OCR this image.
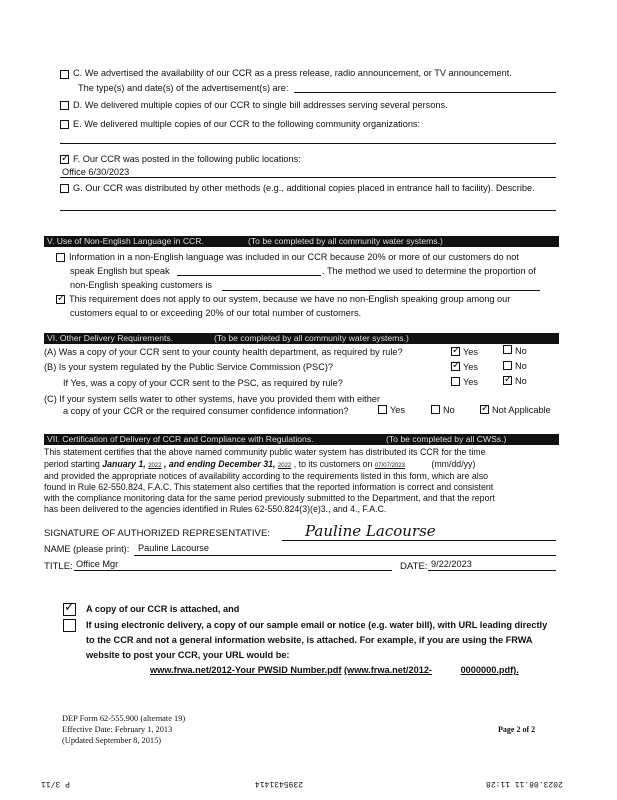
C. We advertised the availability of our CCR as a press release, radio announcement, or TV announcement.
The type(s) and date(s) of the advertisement(s) are:
D. We delivered multiple copies of our CCR to single bill addresses serving several persons.
E. We delivered multiple copies of our CCR to the following community organizations:
✓
F. Our CCR was posted in the following public locations:
Office 6/30/2023
G. Our CCR was distributed by other methods (e.g., additional copies placed in entrance hall to facility). Describe.
V. Use of Non-English Language in CCR.	(To be completed by all community water systems.)
Information in a non-English language was included in our CCR because 20% or more of our customers do not
speak English but speak	. The method we used to determine the proportion of
non-English speaking customers is
✓
This requirement does not apply to our system, because we have no non-English speaking group among our
customers equal to or exceeding 20% of our total number of customers.
VI. Other Delivery Requirements.	(To be completed by all community water systems.)
(A) Was a copy of your CCR sent to your county health department, as required by rule? ✓	Yes	No
(B) Is your system regulated by the Public Service Commission (PSC)? ✓	Yes	No
If Yes, was a copy of your CCR sent to the PSC, as required by rule?	Yes ✓	No
(C) If your system sells water to other systems, have you provided them with either
a copy of your CCR or the required consumer confidence information?	Yes	No ✓	Not Applicable
VII. Certification of Delivery of CCR and Compliance with Regulations.	(To be completed by all CWSs.)
This statement certifies that the above named community public water system has distributed its CCR for the time
period starting January 1, 2022 , and ending December 31, 2022 , to its customers on 07/07/2023	(mm/dd/yy)
and provided the appropriate notices of availability according to the requirements listed in this form, which are also
found in Rule 62-550.824, F.A.C. This statement also certifies that the reported information is correct and consistent
with the compliance monitoring data for the same period previously submitted to the Department, and that the report
has been delivered to the agencies identified in Rules 62-550.824(3)(e)3., and 4., F.A.C.
SIGNATURE OF AUTHORIZED REPRESENTATIVE: Pauline Lacourse
NAME (please print): Pauline Lacourse
TITLE: Office Mgr	DATE: 9/22/2023
✓
A copy of our CCR is attached, and
If using electronic delivery, a copy of our sample email or notice (e.g. water bill), with URL leading directly
to the CCR and not a general information website, is attached. For example, if you are using the FRWA
website to post your CCR, your URL would be:
www.frwa.net/2012-Your PWSID Number.pdf (www.frwa.net/2012-	0000000.pdf).
DEP Form 62-555.900 (alternate 19)
Effective Date: February 1, 2013
(Updated September 8, 2015)
Page 2 of 2
P 3/11	2395431414	2023.08.11 11:28
